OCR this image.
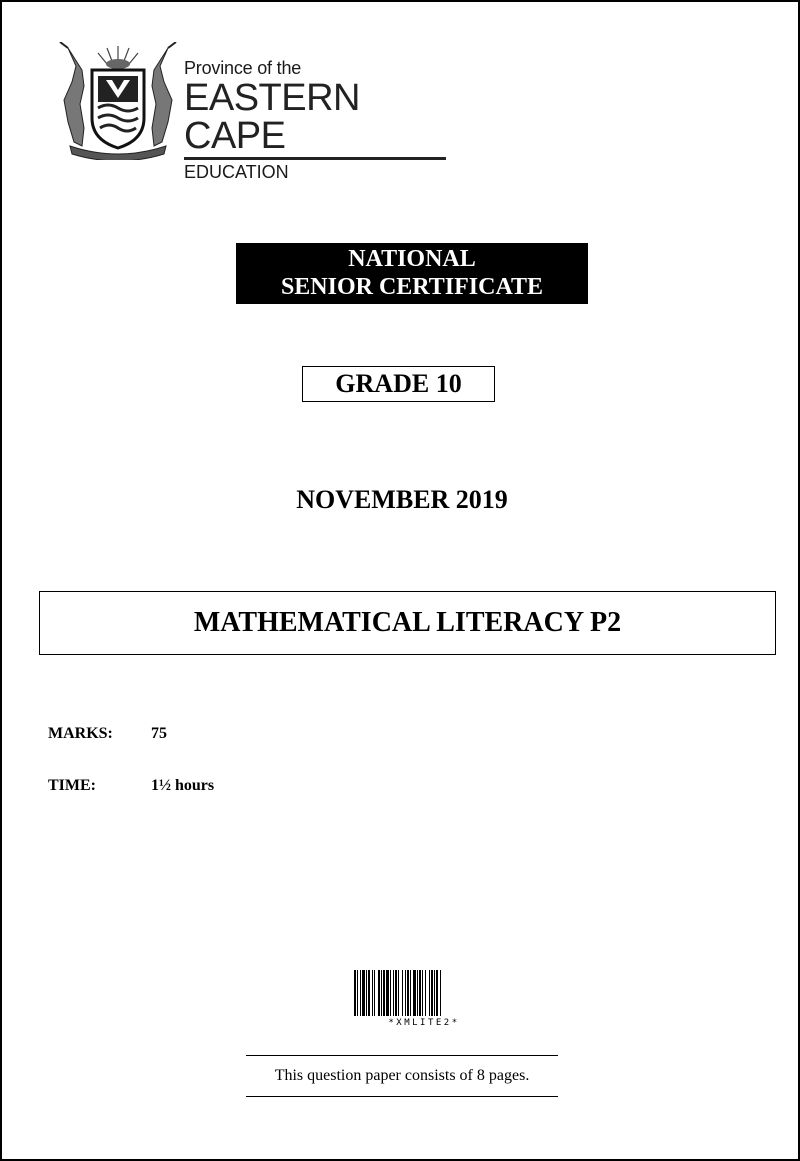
Province of the
EASTERN CAPE
EDUCATION
NATIONAL
SENIOR CERTIFICATE
GRADE 10
NOVEMBER 2019
MATHEMATICAL LITERACY P2
MARKS: 75
TIME:	1½ hours
*XMLITE2*
This question paper consists of 8 pages.
